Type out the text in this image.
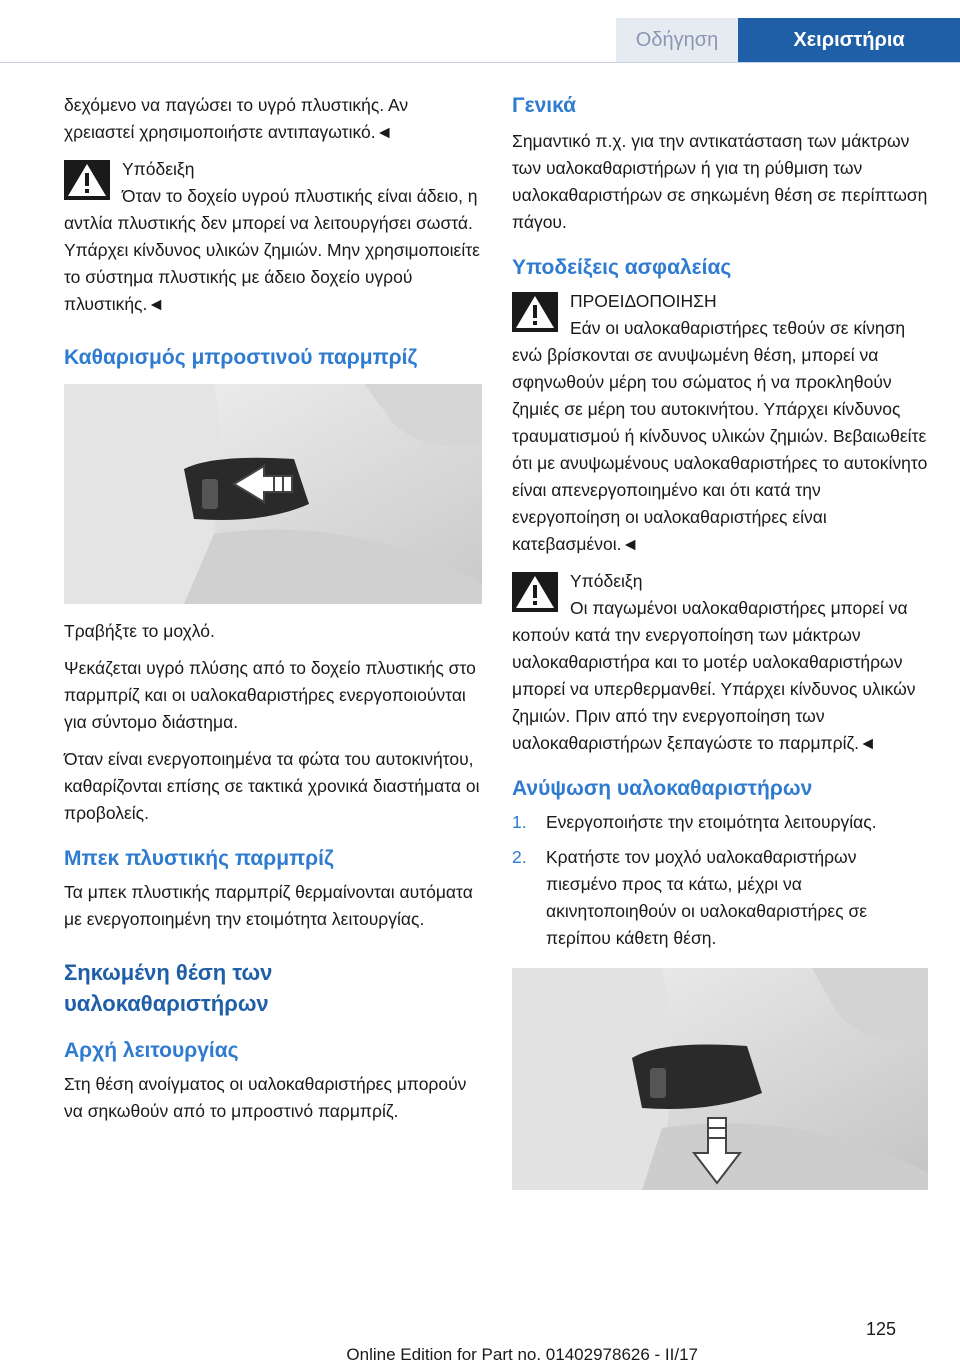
Οδήγηση	Χειριστήρια

δεχόμενο να παγώσει το υγρό πλυστικής. Αν χρειαστεί χρησιμοποιήστε αντιπαγωτικό.◄

Υπόδειξη

Όταν το δοχείο υγρού πλυστικής είναι άδειο, η αντλία πλυστικής δεν μπορεί να λειτουργήσει σωστά. Υπάρχει κίνδυνος υλικών ζημιών. Μην χρησιμοποιείτε το σύστημα πλυστικής με άδειο δοχείο υγρού πλυστικής.◄

Καθαρισμός μπροστινού παρμπρίζ

Τραβήξτε το μοχλό.

Ψεκάζεται υγρό πλύσης από το δοχείο πλυστικής στο παρμπρίζ και οι υαλοκαθαριστήρες ενεργοποιούνται για σύντομο διάστημα.

Όταν είναι ενεργοποιημένα τα φώτα του αυτοκινήτου, καθαρίζονται επίσης σε τακτικά χρονικά διαστήματα οι προβολείς.

Μπεκ πλυστικής παρμπρίζ

Τα μπεκ πλυστικής παρμπρίζ θερμαίνονται αυτόματα με ενεργοποιημένη την ετοιμότητα λειτουργίας.

Σηκωμένη θέση των υαλοκαθαριστήρων
Αρχή λειτουργίας

Στη θέση ανοίγματος οι υαλοκαθαριστήρες μπορούν να σηκωθούν από το μπροστινό παρμπρίζ.

Γενικά

Σημαντικό π.χ. για την αντικατάσταση των μάκτρων των υαλοκαθαριστήρων ή για τη ρύθμιση των υαλοκαθαριστήρων σε σηκωμένη θέση σε περίπτωση πάγου.

Υποδείξεις ασφαλείας
ΠΡΟΕΙΔΟΠΟΙΗΣΗ

Εάν οι υαλοκαθαριστήρες τεθούν σε κίνηση ενώ βρίσκονται σε ανυψωμένη θέση, μπορεί να σφηνωθούν μέρη του σώματος ή να προκληθούν ζημιές σε μέρη του αυτοκινήτου. Υπάρχει κίνδυνος τραυματισμού ή κίνδυνος υλικών ζημιών. Βεβαιωθείτε ότι με ανυψωμένους υαλοκαθαριστήρες το αυτοκίνητο είναι απενεργοποιημένο και ότι κατά την ενεργοποίηση οι υαλοκαθαριστήρες είναι κατεβασμένοι.◄

Υπόδειξη

Οι παγωμένοι υαλοκαθαριστήρες μπορεί να κοπούν κατά την ενεργοποίηση των μάκτρων υαλοκαθαριστήρα και το μοτέρ υαλοκαθαριστήρων μπορεί να υπερθερμανθεί. Υπάρχει κίνδυνος υλικών ζημιών. Πριν από την ενεργοποίηση των υαλοκαθαριστήρων ξεπαγώστε το παρμπρίζ.◄

Ανύψωση υαλοκαθαριστήρων
1.	Ενεργοποιήστε την ετοιμότητα λειτουργίας.
2.	Κρατήστε τον μοχλό υαλοκαθαριστήρων πιεσμένο προς τα κάτω, μέχρι να ακινητοποιηθούν οι υαλοκαθαριστήρες σε περίπου κάθετη θέση.
125
Online Edition for Part no. 01402978626 - II/17
